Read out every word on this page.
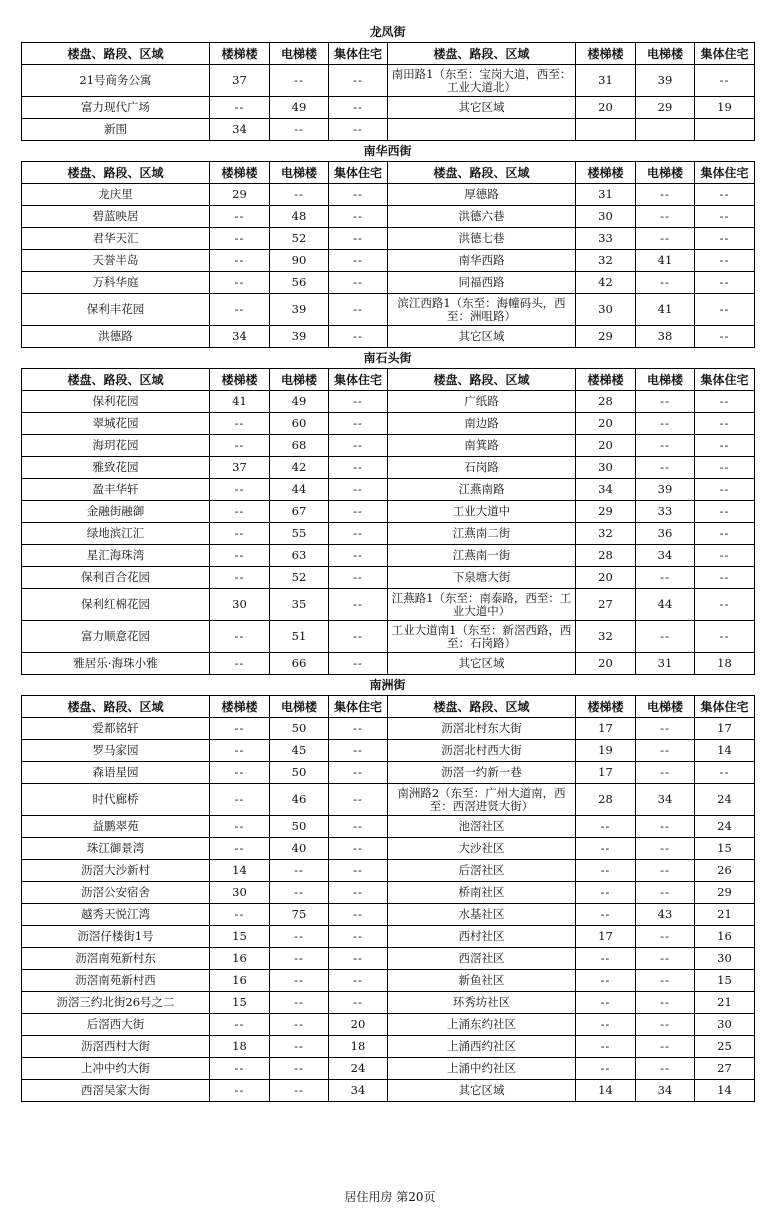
龙凤街
楼盘、路段、区域	楼梯楼	电梯楼	集体住宅	楼盘、路段、区域	楼梯楼	电梯楼	集体住宅
21号商务公寓	37	--	--	南田路1（东至：宝岗大道，西至：工业大道北）	31	39	--
富力现代广场	--	49	--	其它区域	20	29	19
新围	34	--	--				
南华西街
楼盘、路段、区域	楼梯楼	电梯楼	集体住宅	楼盘、路段、区域	楼梯楼	电梯楼	集体住宅
龙庆里	29	--	--	厚德路	31	--	--
碧蓝映居	--	48	--	洪德六巷	30	--	--
君华天汇	--	52	--	洪德七巷	33	--	--
天誉半岛	--	90	--	南华西路	32	41	--
万科华庭	--	56	--	同福西路	42	--	--
保利丰花园	--	39	--	滨江西路1（东至：海幢码头，西至：洲咀路）	30	41	--
洪德路	34	39	--	其它区域	29	38	--
南石头街
楼盘、路段、区域	楼梯楼	电梯楼	集体住宅	楼盘、路段、区域	楼梯楼	电梯楼	集体住宅
保利花园	41	49	--	广纸路	28	--	--
翠城花园	--	60	--	南边路	20	--	--
海玥花园	--	68	--	南箕路	20	--	--
雅致花园	37	42	--	石岗路	30	--	--
盈丰华轩	--	44	--	江燕南路	34	39	--
金融街融御	--	67	--	工业大道中	29	33	--
绿地滨江汇	--	55	--	江燕南二街	32	36	--
星汇海珠湾	--	63	--	江燕南一街	28	34	--
保利百合花园	--	52	--	下泉塘大街	20	--	--
保利红棉花园	30	35	--	江燕路1（东至：南泰路，西至：工业大道中）	27	44	--
富力顺意花园	--	51	--	工业大道南1（东至：新滘西路，西至：石岗路）	32	--	--
雅居乐·海珠小雅	--	66	--	其它区域	20	31	18
南洲街
楼盘、路段、区域	楼梯楼	电梯楼	集体住宅	楼盘、路段、区域	楼梯楼	电梯楼	集体住宅
爱都铭轩	--	50	--	沥滘北村东大街	17	--	17
罗马家园	--	45	--	沥滘北村西大街	19	--	14
森语星园	--	50	--	沥滘一约新一巷	17	--	--
时代廊桥	--	46	--	南洲路2（东至：广州大道南，西至：西滘进贤大街）	28	34	24
益鹏翠苑	--	50	--	池滘社区	--	--	24
珠江御景湾	--	40	--	大沙社区	--	--	15
沥滘大沙新村	14	--	--	后滘社区	--	--	26
沥滘公安宿舍	30	--	--	桥南社区	--	--	29
越秀天悦江湾	--	75	--	水基社区	--	43	21
沥滘仔楼街1号	15	--	--	西村社区	17	--	16
沥滘南苑新村东	16	--	--	西滘社区	--	--	30
沥滘南苑新村西	16	--	--	新鱼社区	--	--	15
沥滘三约北街26号之二	15	--	--	环秀坊社区	--	--	21
后滘西大街	--	--	20	上涌东约社区	--	--	30
沥滘西村大街	18	--	18	上涌西约社区	--	--	25
上冲中约大街	--	--	24	上涌中约社区	--	--	27
西滘吴家大街	--	--	34	其它区域	14	34	14
居住用房 第20页
